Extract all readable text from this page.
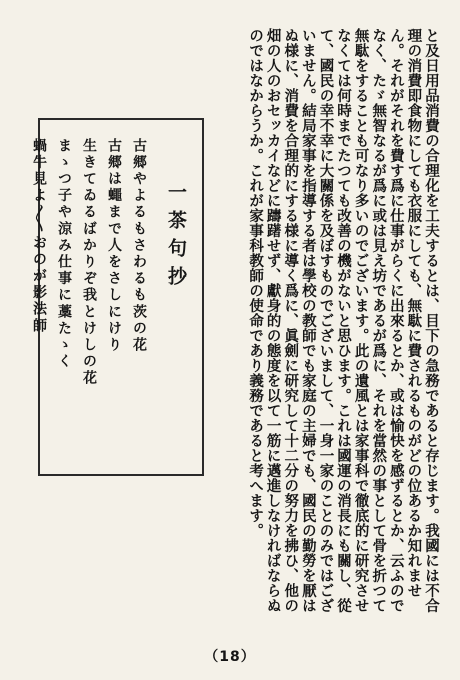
と及日用品消費の合理化を工夫するとは、目下の急務であると存じます。我國には不合理の消費即食物にしても衣服にしても、無駄に費されるものがどの位あるか知れません。それがそれを費す爲に仕事がらくに出來るとか、或は愉快を感ずるとか、云ふのでなく、たゞ無智なるが爲に或は見え坊であるが爲に、それを當然の事として骨を折つて無駄をすることも可なり多いのでございます。此の遺風とは家事科で徹底的に研究させなくては何時までたつても改善の機がないと思ひます。これは國運の消長にも關し、從て、國民の幸不幸に大關係を及ぼすものでございまして、一身一家のことのみではございません。結局家事を指導する者は學校の教師でも家庭の主婦でも、國民の勤勞を厭はぬ様に、消費を合理的にする様に導く爲に、眞劍に研究して十二分の努力を拂ひ、他の畑の人のおセッカイなどに躊躇せず、獻身的の態度を以て一筋に邁進しなければならぬのではなからうか。これが家事科教師の使命であり義務であると考へます。

一茶句抄
古郷やよるもさわるも茨の花
古郷は蠅まで人をさしにけり
生きてゐるばかりぞ我とけしの花
まゝつ子や涼み仕事に藁たゝく
蝸牛見よ〳〵おのが影法師
（18）
